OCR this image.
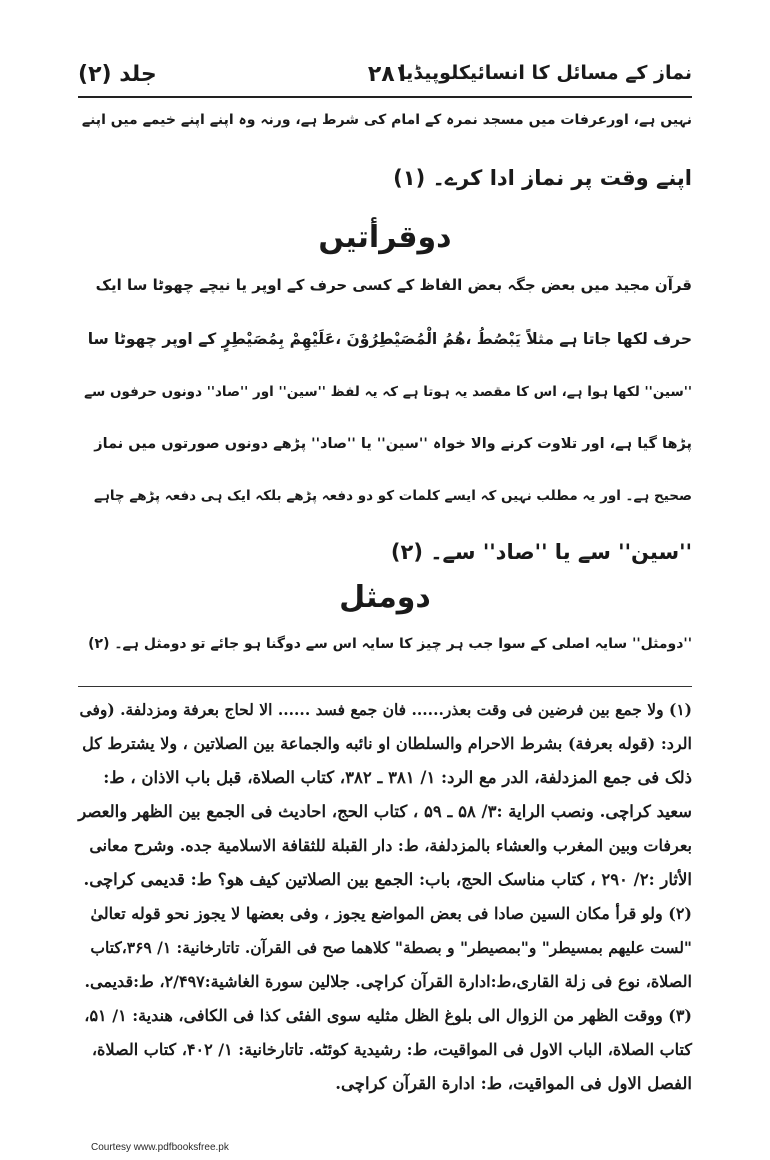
جلد (۲)	۲۸۱
نماز کے مسائل کا انسائیکلوپیڈیا
نہیں ہے، اورعرفات میں مسجد نمرہ کے امام کی شرط ہے، ورنہ وہ اپنے اپنے خیمے میں اپنے
اپنے وقت پر نماز ادا کرے۔ (۱)
دوقرأتیں
قرآن مجید میں بعض جگہ بعض الفاظ کے کسی حرف کے اوپر یا نیچے چھوٹا سا ایک
حرف لکھا جاتا ہے مثلاً یَبْصُطُ ،ھُمُ الْمُصَیْطِرُوْنَ ،عَلَیْھِمْ بِمُصَیْطِرٍ کے اوپر چھوٹا سا
''سین'' لکھا ہوا ہے، اس کا مقصد یہ ہوتا ہے کہ یہ لفظ ''سین'' اور ''صاد'' دونوں حرفوں سے
پڑھا گیا ہے، اور تلاوت کرنے والا خواہ ''سین'' یا ''صاد'' پڑھے دونوں صورتوں میں نماز
صحیح ہے۔ اور یہ مطلب نہیں کہ ایسے کلمات کو دو دفعہ پڑھے بلکہ ایک ہی دفعہ پڑھے چاہے
''سین'' سے یا ''صاد'' سے۔ (۲)
دومثل
''دومثل'' سایہ اصلی کے سوا جب ہر چیز کا سایہ اس سے دوگنا ہو جائے تو دومثل ہے۔ (۲)
(۱) ولا جمع بین فرضین فی وقت بعذر...... فان جمع فسد ...... الا لحاج بعرفة ومزدلفة. (وفی
الرد: (قوله بعرفة) بشرط الاحرام والسلطان او نائبه والجماعة بین الصلاتین ، ولا یشترط كل
ذلک فی جمع المزدلفة، الدر مع الرد: ۱/ ۳۸۱ ـ ۳۸۲، كتاب الصلاة، قبل باب الاذان ، ط:
سعید كراچی. ونصب الرایة :۳/ ۵۸ ـ ۵۹ ، كتاب الحج، احادیث فی الجمع بین الظهر والعصر
بعرفات وبین المغرب والعشاء بالمزدلفة، ط: دار القبلة للثقافة الاسلامیة جده. وشرح معانی
الأثار :۲/ ۲۹۰ ، كتاب مناسک الحج، باب: الجمع بین الصلاتین کیف هو؟ ط: قدیمی كراچی.
(۲) ولو قرأ مكان السین صادا فی بعض المواضع یجوز ، وفی بعضها لا یجوز نحو قوله تعالیٰ
"لست علیهم بمسیطر" و"بمصیطر" و بصطة" كلاهما صح فی القرآن. تاتارخانیة: ۱/ ۳۶۹،كتاب
الصلاة، نوع فی زلة القاری،ط:ادارة القرآن كراچی. جلالین سورة الغاشیة:۲/۴۹۷، ط:قدیمی.
(۳) ووقت الظهر من الزوال الی بلوغ الظل مثلیه سوی الفئی كذا فی الكافی، هندیة: ۱/ ۵۱،
كتاب الصلاة، الباب الاول فی المواقیت، ط: رشیدیة كوئٹه. تاتارخانیة: ۱/ ۴۰۲، كتاب الصلاة،
الفصل الاول فی المواقیت، ط: ادارة القرآن كراچی.
Courtesy www.pdfbooksfree.pk
